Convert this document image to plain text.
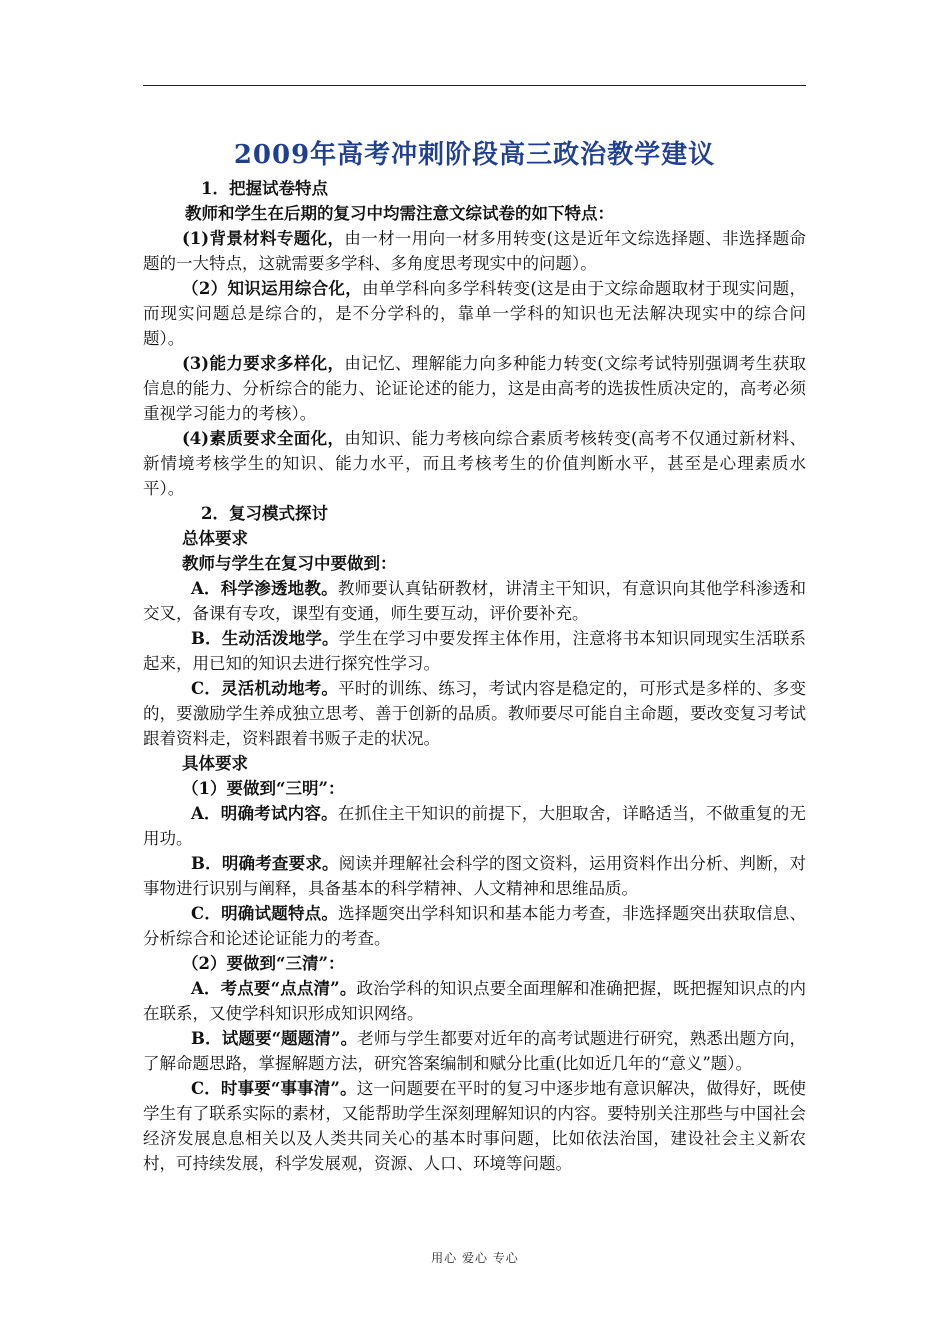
2009年高考冲刺阶段高三政治教学建议

1．把握试卷特点

教师和学生在后期的复习中均需注意文综试卷的如下特点：

(1)背景材料专题化，由一材一用向一材多用转变(这是近年文综选择题、非选择题命题的一大特点，这就需要多学科、多角度思考现实中的问题）。

（2）知识运用综合化，由单学科向多学科转变(这是由于文综命题取材于现实问题，而现实问题总是综合的，是不分学科的，靠单一学科的知识也无法解决现实中的综合问题）。

(3)能力要求多样化，由记忆、理解能力向多种能力转变(文综考试特别强调考生获取信息的能力、分析综合的能力、论证论述的能力，这是由高考的选拔性质决定的，高考必须重视学习能力的考核）。

(4)素质要求全面化，由知识、能力考核向综合素质考核转变(高考不仅通过新材料、新情境考核学生的知识、能力水平，而且考核考生的价值判断水平，甚至是心理素质水平）。

2．复习模式探讨

总体要求

教师与学生在复习中要做到：

A．科学渗透地教。教师要认真钻研教材，讲清主干知识，有意识向其他学科渗透和交叉，备课有专攻，课型有变通，师生要互动，评价要补充。

B．生动活泼地学。学生在学习中要发挥主体作用，注意将书本知识同现实生活联系起来，用已知的知识去进行探究性学习。

C．灵活机动地考。平时的训练、练习，考试内容是稳定的，可形式是多样的、多变的，要激励学生养成独立思考、善于创新的品质。教师要尽可能自主命题，要改变复习考试跟着资料走，资料跟着书贩子走的状况。

具体要求

（1）要做到“三明”：

A．明确考试内容。在抓住主干知识的前提下，大胆取舍，详略适当，不做重复的无用功。

B．明确考查要求。阅读并理解社会科学的图文资料，运用资料作出分析、判断，对事物进行识别与阐释，具备基本的科学精神、人文精神和思维品质。

C．明确试题特点。选择题突出学科知识和基本能力考查，非选择题突出获取信息、分析综合和论述论证能力的考查。

（2）要做到“三清”：

A．考点要“点点清”。政治学科的知识点要全面理解和准确把握，既把握知识点的内在联系，又使学科知识形成知识网络。

B．试题要“题题清”。老师与学生都要对近年的高考试题进行研究，熟悉出题方向，了解命题思路，掌握解题方法，研究答案编制和赋分比重(比如近几年的“意义”题）。

C．时事要“事事清”。这一问题要在平时的复习中逐步地有意识解决，做得好，既使学生有了联系实际的素材，又能帮助学生深刻理解知识的内容。要特别关注那些与中国社会经济发展息息相关以及人类共同关心的基本时事问题，比如依法治国，建设社会主义新农村，可持续发展，科学发展观，资源、人口、环境等问题。

用心 爱心 专心
